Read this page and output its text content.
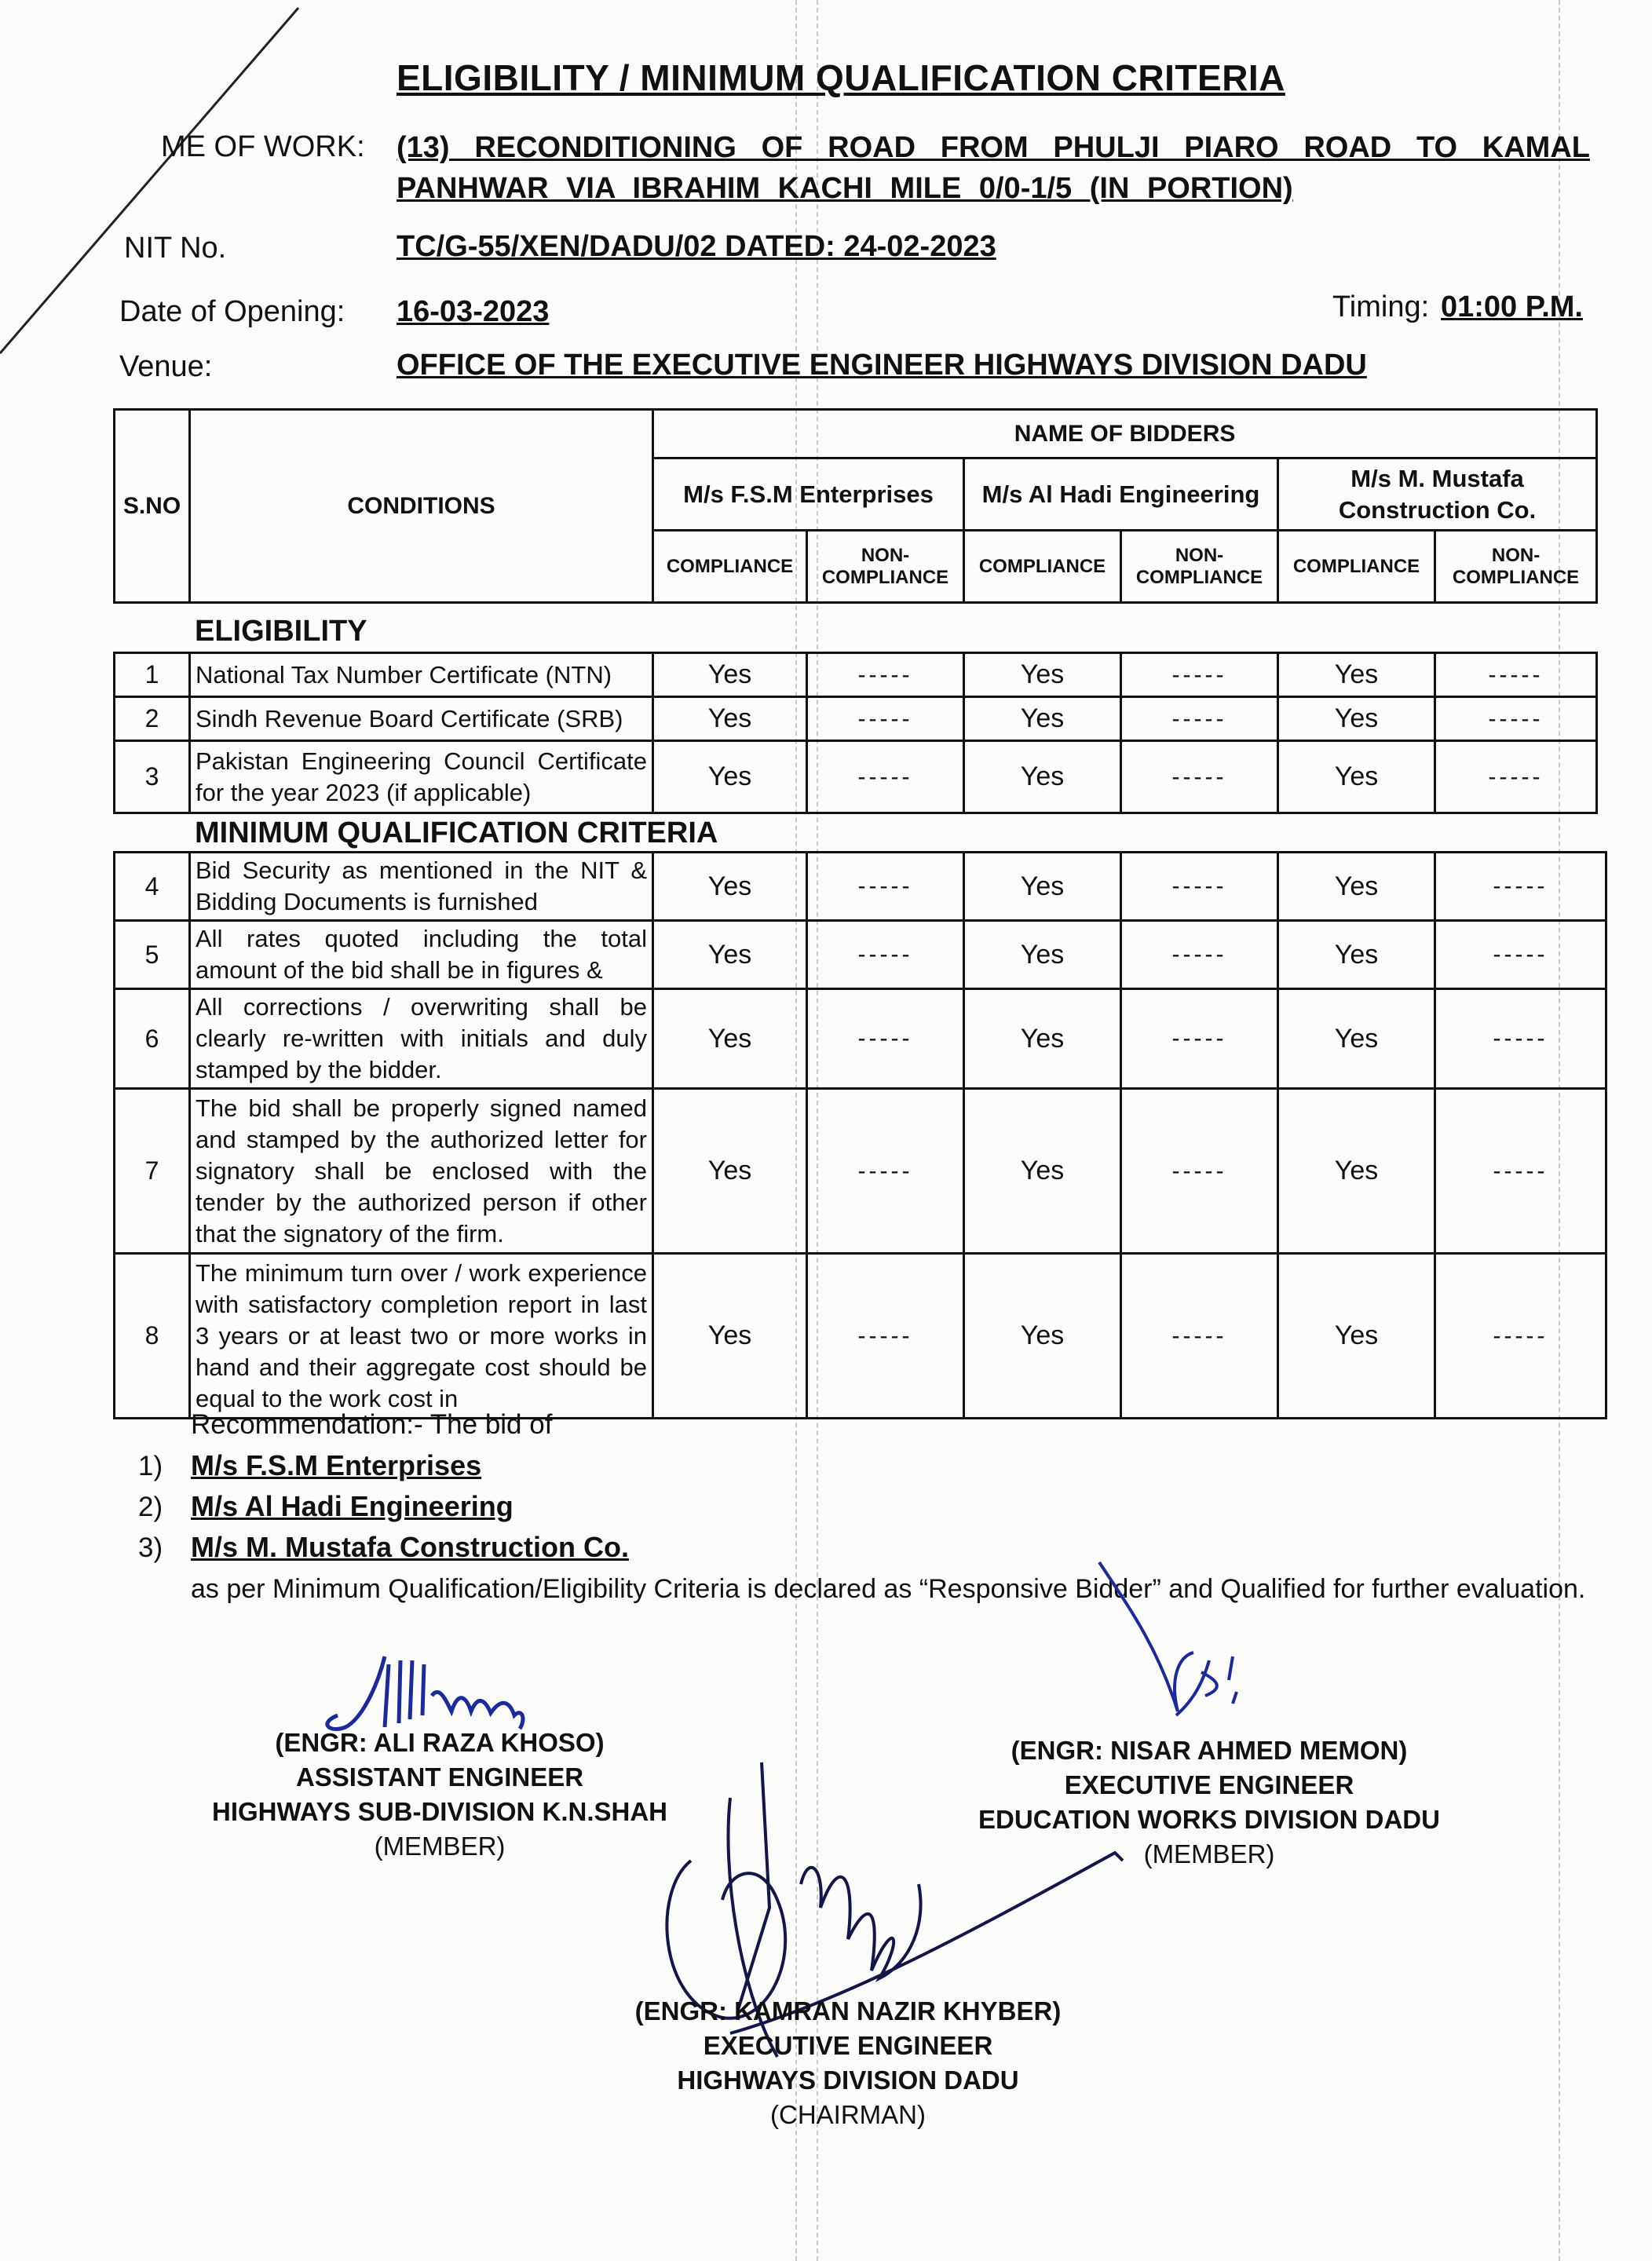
ELIGIBILITY / MINIMUM QUALIFICATION CRITERIA
ME OF WORK: (13) RECONDITIONING OF ROAD FROM PHULJI PIARO ROAD TO KAMAL PANHWAR VIA IBRAHIM KACHI MILE 0/0-1/5 (IN PORTION)
NIT No.	TC/G-55/XEN/DADU/02 DATED: 24-02-2023
Date of Opening: 16-03-2023	Timing: 01:00 P.M.
Venue:	OFFICE OF THE EXECUTIVE ENGINEER HIGHWAYS DIVISION DADU
S.NO	CONDITIONS	NAME OF BIDDERS					
		M/s F.S.M Enterprises		M/s Al Hadi Engineering		M/s M. Mustafa Construction Co.	
		COMPLIANCE	NON-COMPLIANCE	COMPLIANCE	NON-COMPLIANCE	COMPLIANCE	NON-COMPLIANCE
ELIGIBILITY
1	National Tax Number Certificate (NTN)	Yes	-----	Yes	-----	Yes	-----
2	Sindh Revenue Board Certificate (SRB)	Yes	-----	Yes	-----	Yes	-----
3	Pakistan Engineering Council Certificate for the year 2023 (if applicable)	Yes	-----	Yes	-----	Yes	-----
MINIMUM QUALIFICATION CRITERIA
4	Bid Security as mentioned in the NIT & Bidding Documents is furnished	Yes	-----	Yes	-----	Yes	-----
5	All rates quoted including the total amount of the bid shall be in figures &	Yes	-----	Yes	-----	Yes	-----
6	All corrections / overwriting shall be clearly re-written with initials and duly stamped by the bidder.	Yes	-----	Yes	-----	Yes	-----
7	The bid shall be properly signed named and stamped by the authorized letter for signatory shall be enclosed with the tender by the authorized person if other that the signatory of the firm.	Yes	-----	Yes	-----	Yes	-----
8	The minimum turn over / work experience with satisfactory completion report in last 3 years or at least two or more works in hand and their aggregate cost should be equal to the work cost in	Yes	-----	Yes	-----	Yes	-----
Recommendation:- The bid of
1) M/s F.S.M Enterprises
2) M/s Al Hadi Engineering
3) M/s M. Mustafa Construction Co.
as per Minimum Qualification/Eligibility Criteria is declared as “Responsive Bidder” and Qualified for further evaluation.
(ENGR: ALI RAZA KHOSO)
ASSISTANT ENGINEER
HIGHWAYS SUB-DIVISION K.N.SHAH
(MEMBER)
(ENGR: NISAR AHMED MEMON)
EXECUTIVE ENGINEER
EDUCATION WORKS DIVISION DADU
(MEMBER)
(ENGR: KAMRAN NAZIR KHYBER)
EXECUTIVE ENGINEER
HIGHWAYS DIVISION DADU
(CHAIRMAN)
